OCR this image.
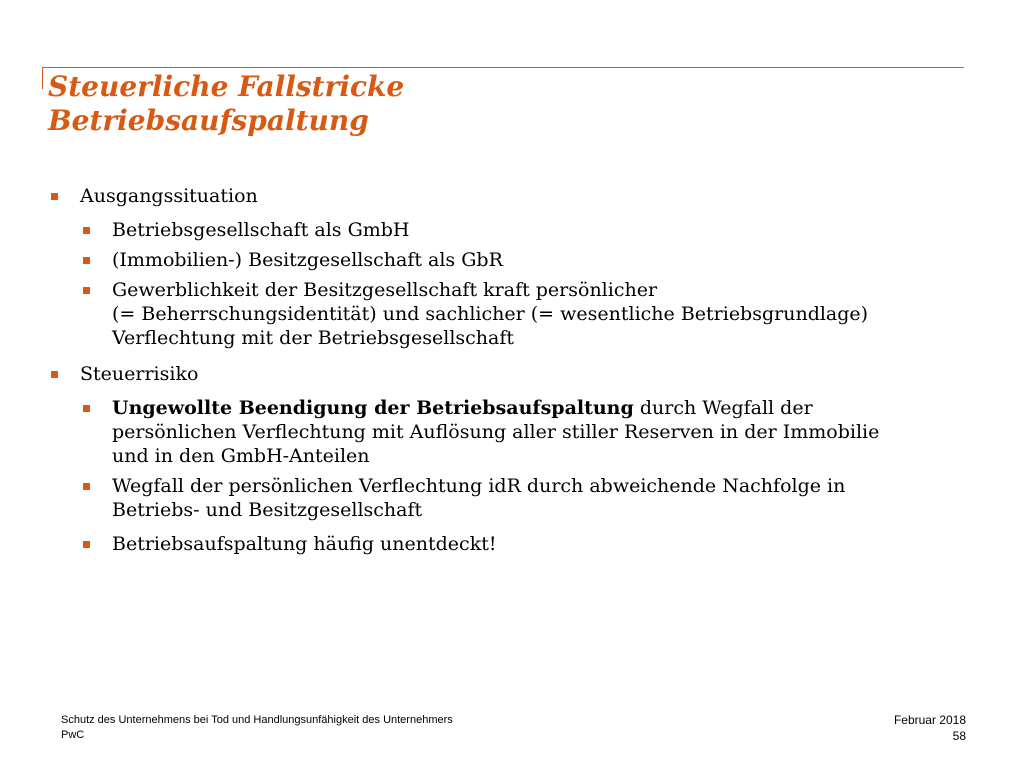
Steuerliche Fallstricke
Betriebsaufspaltung
Ausgangssituation
Betriebsgesellschaft als GmbH
(Immobilien-) Besitzgesellschaft als GbR
Gewerblichkeit der Besitzgesellschaft kraft persönlicher
(= Beherrschungsidentität) und sachlicher (= wesentliche Betriebsgrundlage)
Verflechtung mit der Betriebsgesellschaft
Steuerrisiko
Ungewollte Beendigung der Betriebsaufspaltung durch Wegfall der
persönlichen Verflechtung mit Auflösung aller stiller Reserven in der Immobilie
und in den GmbH-Anteilen
Wegfall der persönlichen Verflechtung idR durch abweichende Nachfolge in
Betriebs- und Besitzgesellschaft
Betriebsaufspaltung häufig unentdeckt!
Schutz des Unternehmens bei Tod und Handlungsunfähigkeit des Unternehmers
PwC
Februar 2018
58
